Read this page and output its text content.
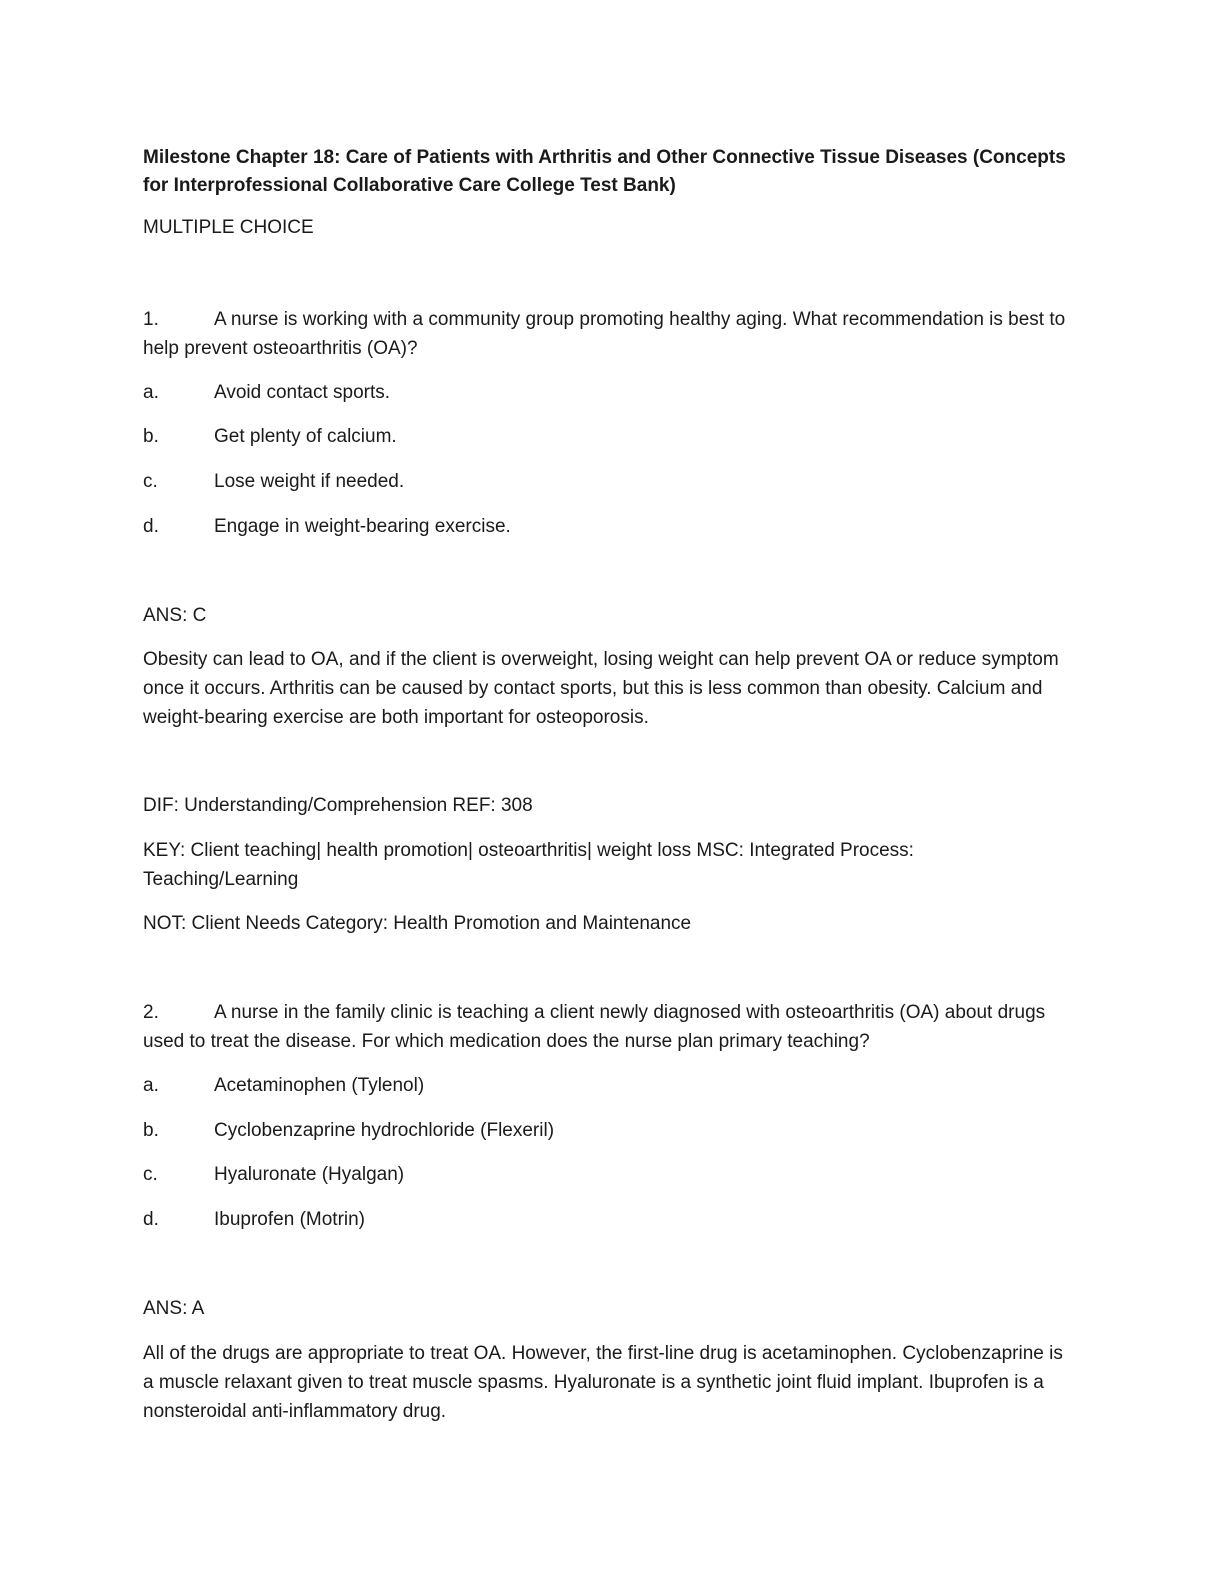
Milestone Chapter 18: Care of Patients with Arthritis and Other Connective Tissue Diseases (Concepts for Interprofessional Collaborative Care College Test Bank)
MULTIPLE CHOICE
1.	A nurse is working with a community group promoting healthy aging. What recommendation is best to help prevent osteoarthritis (OA)?
a.	Avoid contact sports.
b.	Get plenty of calcium.
c.	Lose weight if needed.
d.	Engage in weight-bearing exercise.
ANS: C
Obesity can lead to OA, and if the client is overweight, losing weight can help prevent OA or reduce symptom once it occurs. Arthritis can be caused by contact sports, but this is less common than obesity. Calcium and weight-bearing exercise are both important for osteoporosis.
DIF: Understanding/Comprehension REF: 308
KEY: Client teaching| health promotion| osteoarthritis| weight loss MSC: Integrated Process: Teaching/Learning
NOT: Client Needs Category: Health Promotion and Maintenance
2.	A nurse in the family clinic is teaching a client newly diagnosed with osteoarthritis (OA) about drugs used to treat the disease. For which medication does the nurse plan primary teaching?
a.	Acetaminophen (Tylenol)
b.	Cyclobenzaprine hydrochloride (Flexeril)
c.	Hyaluronate (Hyalgan)
d.	Ibuprofen (Motrin)
ANS: A
All of the drugs are appropriate to treat OA. However, the first-line drug is acetaminophen. Cyclobenzaprine is a muscle relaxant given to treat muscle spasms. Hyaluronate is a synthetic joint fluid implant. Ibuprofen is a nonsteroidal anti-inflammatory drug.
